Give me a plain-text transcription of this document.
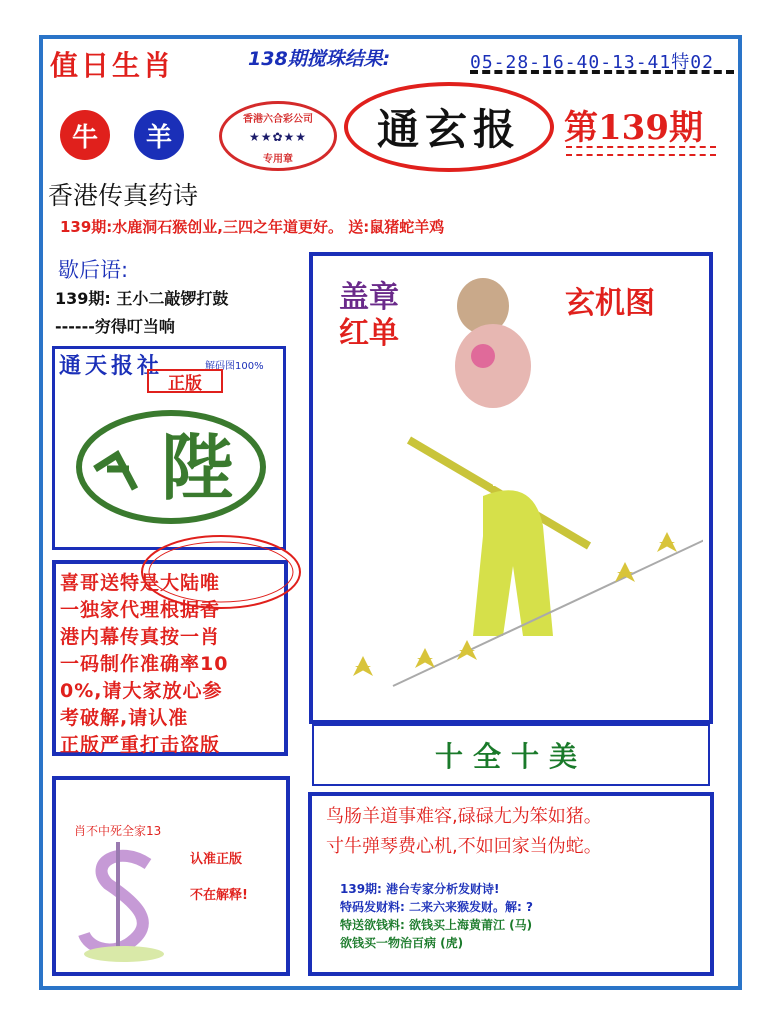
值日生肖	138期搅珠结果:	05-28-16-40-13-41特02
牛 羊
香港六合彩公司
★★✿★★
专用章
通玄报 第139期
香港传真药诗
139期:水鹿洞石猴创业,三四之年道更好。 送:鼠猪蛇羊鸡
歇后语:
139期: 王小二敲锣打鼓
------穷得叮当响
通天报社	解码图100%
正版
陛
喜哥送特是大陆唯
一独家代理根据香
港内幕传真按一肖
一码制作准确率10
0%,请大家放心参
考破解,请认准
正版严重打击盗版
肖不中死全家13
认准正版
不在解释!
盖章
红单
玄机图
十全十美
鸟肠羊道事难容,碌碌尢为笨如猪。
寸牛弹琴费心机,不如回家当伪蛇。
139期: 港台专家分析发财诗!
特码发财料: 二来六来猴发财。解: ?
特送欲钱料: 欲钱买上海黄莆江 (马)
欲钱买一物治百病 (虎)
